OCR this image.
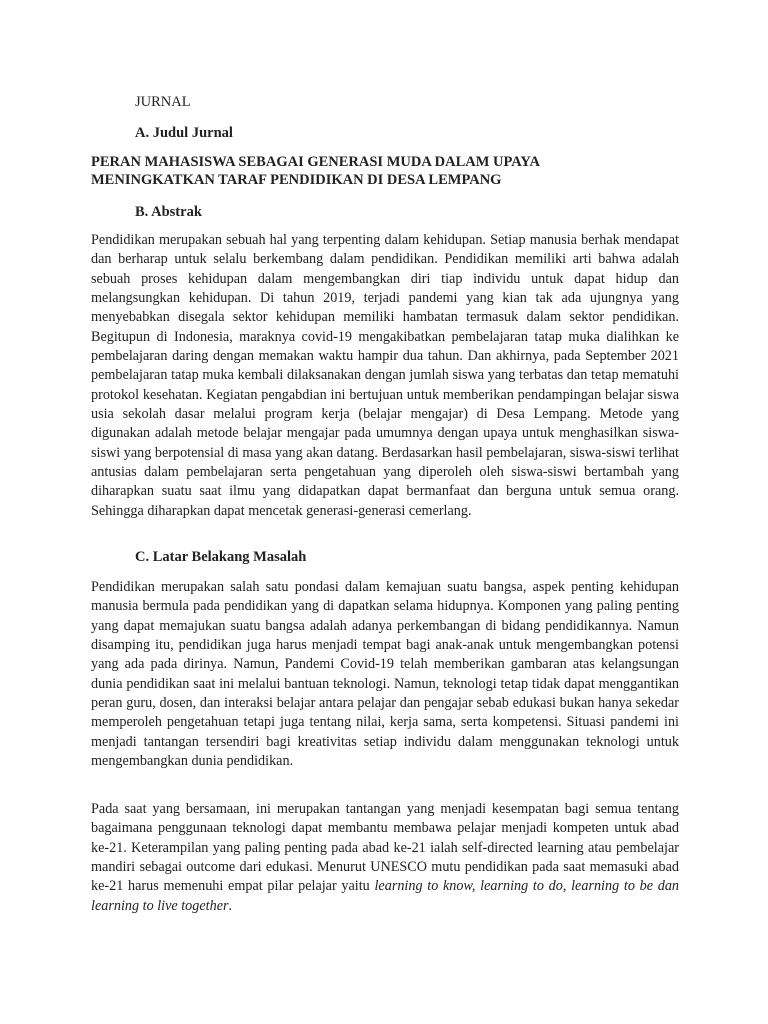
JURNAL
A. Judul Jurnal
PERAN MAHASISWA SEBAGAI GENERASI MUDA DALAM UPAYA
MENINGKATKAN TARAF PENDIDIKAN DI DESA LEMPANG
B. Abstrak

Pendidikan merupakan sebuah hal yang terpenting dalam kehidupan. Setiap manusia berhak mendapat dan berharap untuk selalu berkembang dalam pendidikan. Pendidikan memiliki arti bahwa adalah sebuah proses kehidupan dalam mengembangkan diri tiap individu untuk dapat hidup dan melangsungkan kehidupan. Di tahun 2019, terjadi pandemi yang kian tak ada ujungnya yang menyebabkan disegala sektor kehidupan memiliki hambatan termasuk dalam sektor pendidikan. Begitupun di Indonesia, maraknya covid-19 mengakibatkan pembelajaran tatap muka dialihkan ke pembelajaran daring dengan memakan waktu hampir dua tahun. Dan akhirnya, pada September 2021 pembelajaran tatap muka kembali dilaksanakan dengan jumlah siswa yang terbatas dan tetap mematuhi protokol kesehatan. Kegiatan pengabdian ini bertujuan untuk memberikan pendampingan belajar siswa usia sekolah dasar melalui program kerja (belajar mengajar) di Desa Lempang. Metode yang digunakan adalah metode belajar mengajar pada umumnya dengan upaya untuk menghasilkan siswa- siswi yang berpotensial di masa yang akan datang. Berdasarkan hasil pembelajaran, siswa-siswi terlihat antusias dalam pembelajaran serta pengetahuan yang diperoleh oleh siswa-siswi bertambah yang diharapkan suatu saat ilmu yang didapatkan dapat bermanfaat dan berguna untuk semua orang. Sehingga diharapkan dapat mencetak generasi-generasi cemerlang.

C. Latar Belakang Masalah

Pendidikan merupakan salah satu pondasi dalam kemajuan suatu bangsa, aspek penting kehidupan manusia bermula pada pendidikan yang di dapatkan selama hidupnya. Komponen yang paling penting yang dapat memajukan suatu bangsa adalah adanya perkembangan di bidang pendidikannya. Namun disamping itu, pendidikan juga harus menjadi tempat bagi anak-anak untuk mengembangkan potensi yang ada pada dirinya. Namun, Pandemi Covid-19 telah memberikan gambaran atas kelangsungan dunia pendidikan saat ini melalui bantuan teknologi. Namun, teknologi tetap tidak dapat menggantikan peran guru, dosen, dan interaksi belajar antara pelajar dan pengajar sebab edukasi bukan hanya sekedar memperoleh pengetahuan tetapi juga tentang nilai, kerja sama, serta kompetensi. Situasi pandemi ini menjadi tantangan tersendiri bagi kreativitas setiap individu dalam menggunakan teknologi untuk mengembangkan dunia pendidikan.

Pada saat yang bersamaan, ini merupakan tantangan yang menjadi kesempatan bagi semua tentang bagaimana penggunaan teknologi dapat membantu membawa pelajar menjadi kompeten untuk abad ke-21. Keterampilan yang paling penting pada abad ke-21 ialah self-directed learning atau pembelajar mandiri sebagai outcome dari edukasi. Menurut UNESCO mutu pendidikan pada saat memasuki abad ke-21 harus memenuhi empat pilar pelajar yaitu learning to know, learning to do, learning to be dan learning to live together.
